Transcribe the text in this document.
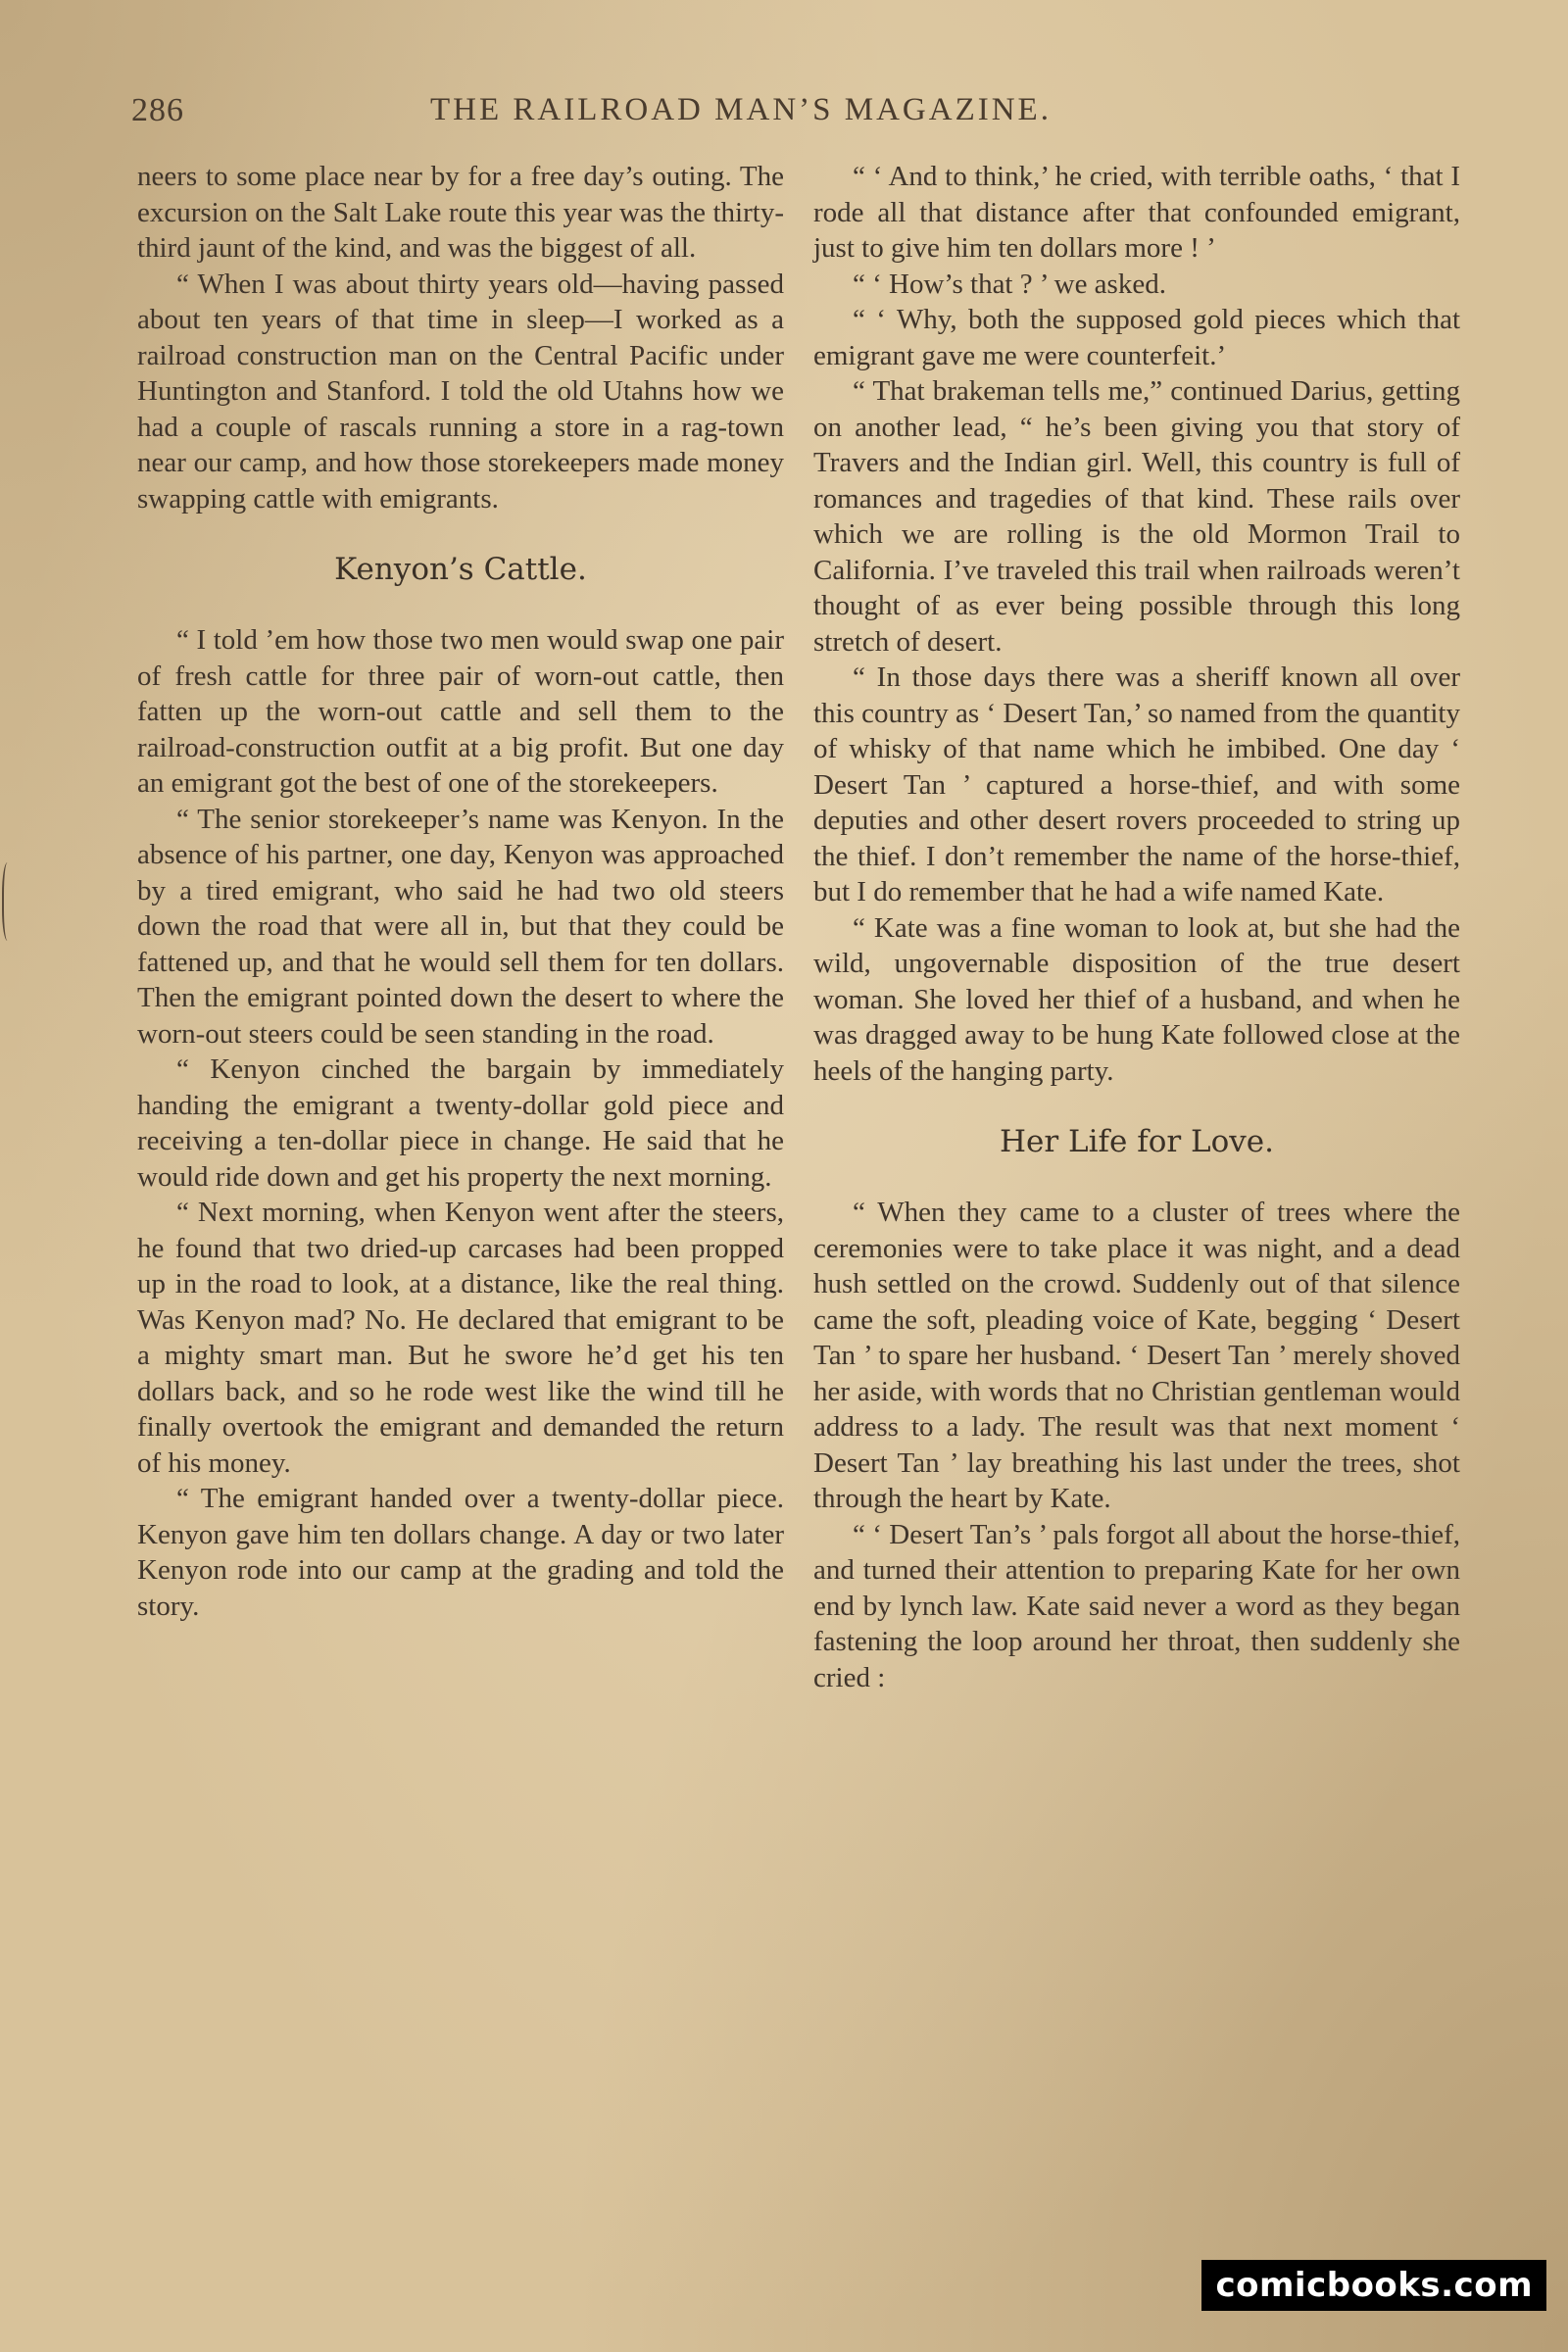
286	THE RAILROAD MAN’S MAGAZINE.

neers to some place near by for a free day’s outing. The excursion on the Salt Lake route this year was the thirty-third jaunt of the kind, and was the biggest of all.

“ When I was about thirty years old—having passed about ten years of that time in sleep—I worked as a railroad construction man on the Central Pacific under Huntington and Stanford. I told the old Utahns how we had a couple of rascals running a store in a rag-town near our camp, and how those storekeepers made money swapping cattle with emigrants.

Kenyon’s Cattle.

“ I told ’em how those two men would swap one pair of fresh cattle for three pair of worn-out cattle, then fatten up the worn-out cattle and sell them to the railroad-construction outfit at a big profit. But one day an emigrant got the best of one of the storekeepers.

“ The senior storekeeper’s name was Kenyon. In the absence of his partner, one day, Kenyon was approached by a tired emigrant, who said he had two old steers down the road that were all in, but that they could be fattened up, and that he would sell them for ten dollars. Then the emigrant pointed down the desert to where the worn-out steers could be seen standing in the road.

“ Kenyon cinched the bargain by immediately handing the emigrant a twenty-dollar gold piece and receiving a ten-dollar piece in change. He said that he would ride down and get his property the next morning.

“ Next morning, when Kenyon went after the steers, he found that two dried-up carcases had been propped up in the road to look, at a distance, like the real thing. Was Kenyon mad? No. He declared that emigrant to be a mighty smart man. But he swore he’d get his ten dollars back, and so he rode west like the wind till he finally overtook the emigrant and demanded the return of his money.

“ The emigrant handed over a twenty-dollar piece. Kenyon gave him ten dollars change. A day or two later Kenyon rode into our camp at the grading and told the story.

“ ‘ And to think,’ he cried, with terrible oaths, ‘ that I rode all that distance after that confounded emigrant, just to give him ten dollars more ! ’

“ ‘ How’s that ? ’ we asked.

“ ‘ Why, both the supposed gold pieces which that emigrant gave me were counterfeit.’

“ That brakeman tells me,” continued Darius, getting on another lead, “ he’s been giving you that story of Travers and the Indian girl. Well, this country is full of romances and tragedies of that kind. These rails over which we are rolling is the old Mormon Trail to California. I’ve traveled this trail when railroads weren’t thought of as ever being possible through this long stretch of desert.

“ In those days there was a sheriff known all over this country as ‘ Desert Tan,’ so named from the quantity of whisky of that name which he imbibed. One day ‘ Desert Tan ’ captured a horse-thief, and with some deputies and other desert rovers proceeded to string up the thief. I don’t remember the name of the horse-thief, but I do remember that he had a wife named Kate.

“ Kate was a fine woman to look at, but she had the wild, ungovernable disposition of the true desert woman. She loved her thief of a husband, and when he was dragged away to be hung Kate followed close at the heels of the hanging party.

Her Life for Love.

“ When they came to a cluster of trees where the ceremonies were to take place it was night, and a dead hush settled on the crowd. Suddenly out of that silence came the soft, pleading voice of Kate, begging ‘ Desert Tan ’ to spare her husband. ‘ Desert Tan ’ merely shoved her aside, with words that no Christian gentleman would address to a lady. The result was that next moment ‘ Desert Tan ’ lay breathing his last under the trees, shot through the heart by Kate.

“ ‘ Desert Tan’s ’ pals forgot all about the horse-thief, and turned their attention to preparing Kate for her own end by lynch law. Kate said never a word as they began fastening the loop around her throat, then suddenly she cried :

comicbooks.com
